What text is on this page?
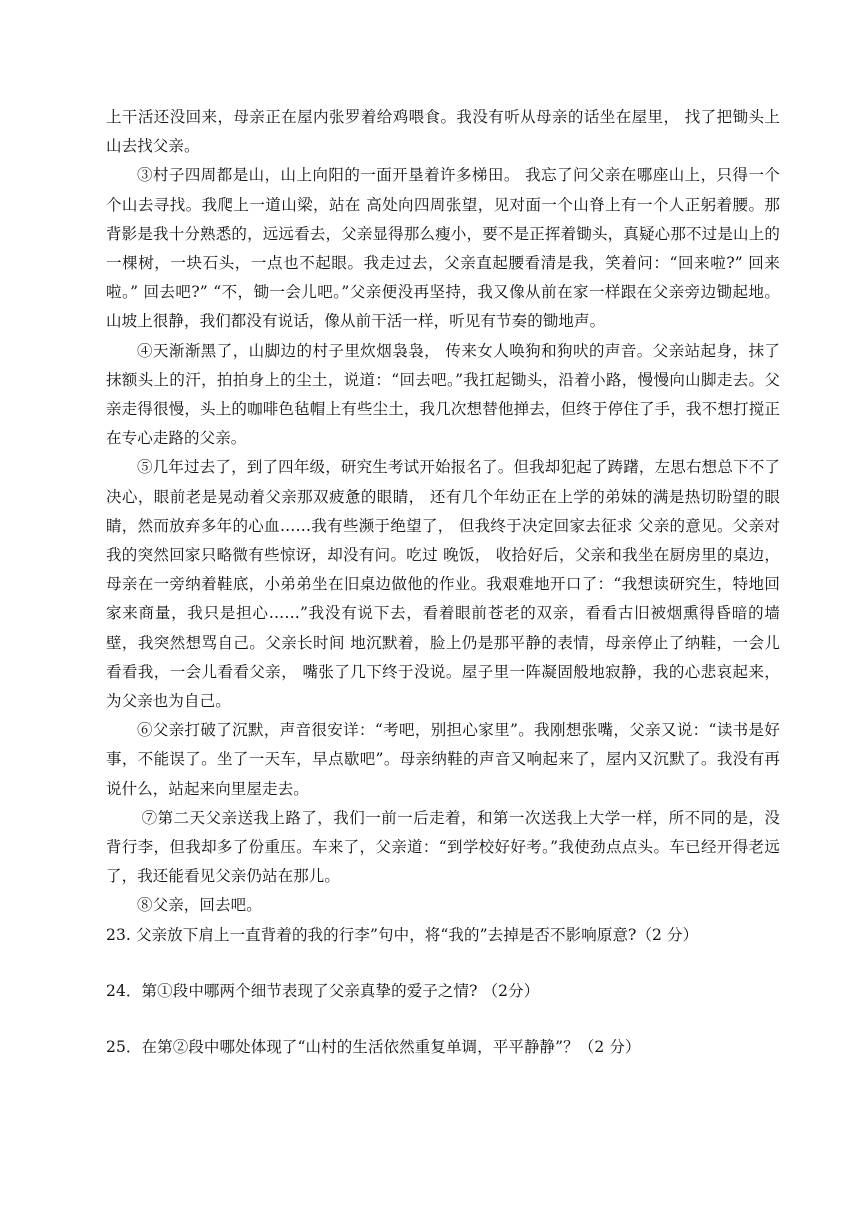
上干活还没回来，母亲正在屋内张罗着给鸡喂食。我没有听从母亲的话坐在屋里， 找了把锄头上山去找父亲。

③村子四周都是山，山上向阳的一面开垦着许多梯田。 我忘了问父亲在哪座山上，只得一个个山去寻找。我爬上一道山梁，站在 高处向四周张望，见对面一个山脊上有一个人正躬着腰。那背影是我十分熟悉的，远远看去，父亲显得那么瘦小，要不是正挥着锄头，真疑心那不过是山上的一棵树，一块石头，一点也不起眼。我走过去，父亲直起腰看清是我，笑着问：“回来啦?” 回来啦。” 回去吧?” “不，锄一会儿吧。”父亲便没再坚持，我又像从前在家一样跟在父亲旁边锄起地。山坡上很静，我们都没有说话，像从前干活一样，听见有节奏的锄地声。

④天渐渐黑了，山脚边的村子里炊烟袅袅， 传来女人唤狗和狗吠的声音。父亲站起身，抹了抹额头上的汗，拍拍身上的尘土，说道：“回去吧。”我扛起锄头，沿着小路，慢慢向山脚走去。父亲走得很慢，头上的咖啡色毡帽上有些尘土，我几次想替他掸去，但终于停住了手，我不想打搅正在专心走路的父亲。

⑤几年过去了，到了四年级，研究生考试开始报名了。但我却犯起了踌躇，左思右想总下不了决心，眼前老是晃动着父亲那双疲惫的眼睛， 还有几个年幼正在上学的弟妹的满是热切盼望的眼睛，然而放弃多年的心血……我有些濒于绝望了， 但我终于决定回家去征求 父亲的意见。父亲对我的突然回家只略微有些惊讶，却没有问。吃过 晚饭， 收拾好后，父亲和我坐在厨房里的桌边，母亲在一旁纳着鞋底，小弟弟坐在旧桌边做他的作业。我艰难地开口了：“我想读研究生，特地回家来商量，我只是担心……”我没有说下去，看着眼前苍老的双亲，看看古旧被烟熏得昏暗的墙壁，我突然想骂自己。父亲长时间 地沉默着，脸上仍是那平静的表情，母亲停止了纳鞋，一会儿看看我，一会儿看看父亲， 嘴张了几下终于没说。屋子里一阵凝固般地寂静，我的心悲哀起来，为父亲也为自己。

⑥父亲打破了沉默，声音很安详：“考吧，别担心家里”。我刚想张嘴，父亲又说：“读书是好事，不能误了。坐了一天车，早点歇吧”。母亲纳鞋的声音又响起来了，屋内又沉默了。我没有再说什么，站起来向里屋走去。

⑦第二天父亲送我上路了，我们一前一后走着，和第一次送我上大学一样，所不同的是，没背行李，但我却多了份重压。车来了，父亲道：“到学校好好考。”我使劲点点头。车已经开得老远了，我还能看见父亲仍站在那儿。

⑧父亲，回去吧。

23. 父亲放下肩上一直背着的我的行李”句中，将“我的”去掉是否不影响原意?（2 分）

24．第①段中哪两个细节表现了父亲真挚的爱子之情? （2分）

25．在第②段中哪处体现了“山村的生活依然重复单调，平平静静”？（2 分）
